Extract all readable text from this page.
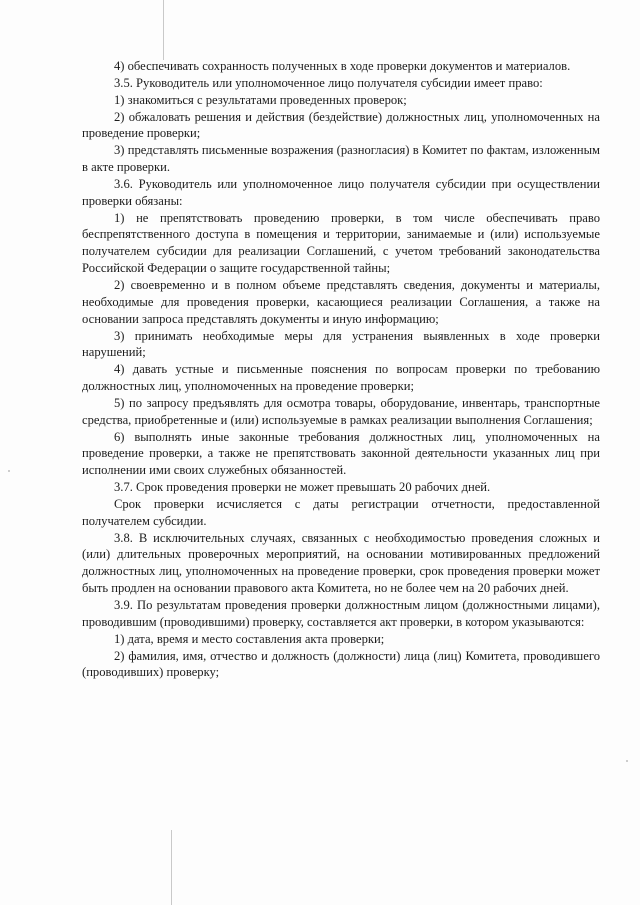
4) обеспечивать сохранность полученных в ходе проверки документов и материалов.

3.5. Руководитель или уполномоченное лицо получателя субсидии имеет право:

1) знакомиться с результатами проведенных проверок;

2) обжаловать решения и действия (бездействие) должностных лиц, уполномоченных на проведение проверки;

3) представлять письменные возражения (разногласия) в Комитет по фактам, изложенным в акте проверки.

3.6. Руководитель или уполномоченное лицо получателя субсидии при осуществлении проверки обязаны:

1) не препятствовать проведению проверки, в том числе обеспечивать право беспрепятственного доступа в помещения и территории, занимаемые и (или) используемые получателем субсидии для реализации Соглашений, с учетом требований законодательства Российской Федерации о защите государственной тайны;

2) своевременно и в полном объеме представлять сведения, документы и материалы, необходимые для проведения проверки, касающиеся реализации Соглашения, а также на основании запроса представлять документы и иную информацию;

3) принимать необходимые меры для устранения выявленных в ходе проверки нарушений;

4) давать устные и письменные пояснения по вопросам проверки по требованию должностных лиц, уполномоченных на проведение проверки;

5) по запросу предъявлять для осмотра товары, оборудование, инвентарь, транспортные средства, приобретенные и (или) используемые в рамках реализации выполнения Соглашения;

6) выполнять иные законные требования должностных лиц, уполномоченных на проведение проверки, а также не препятствовать законной деятельности указанных лиц при исполнении ими своих служебных обязанностей.

3.7. Срок проведения проверки не может превышать 20 рабочих дней.

Срок проверки исчисляется с даты регистрации отчетности, предоставленной получателем субсидии.

3.8. В исключительных случаях, связанных с необходимостью проведения сложных и (или) длительных проверочных мероприятий, на основании мотивированных предложений должностных лиц, уполномоченных на проведение проверки, срок проведения проверки может быть продлен на основании правового акта Комитета, но не более чем на 20 рабочих дней.

3.9. По результатам проведения проверки должностным лицом (должностными лицами), проводившим (проводившими) проверку, составляется акт проверки, в котором указываются:

1) дата, время и место составления акта проверки;

2) фамилия, имя, отчество и должность (должности) лица (лиц) Комитета, проводившего (проводивших) проверку;
